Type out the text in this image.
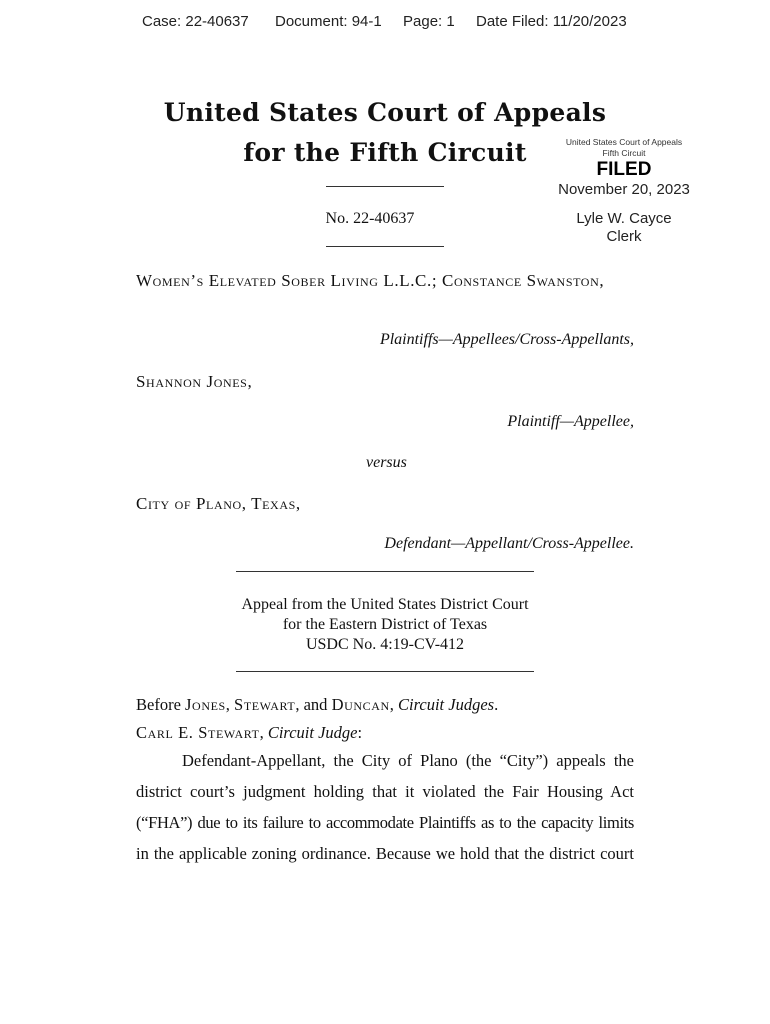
Case: 22-40637 Document: 94-1 Page: 1 Date Filed: 11/20/2023
United States Court of Appeals
for the Fifth Circuit
No. 22-40637
United States Court of Appeals
Fifth Circuit
FILED
November 20, 2023
Lyle W. Cayce
Clerk
Women’s Elevated Sober Living L.L.C.; Constance Swanston,
Plaintiffs—Appellees/Cross-Appellants,
Shannon Jones,
Plaintiff—Appellee,
versus
City of Plano, Texas,
Defendant—Appellant/Cross-Appellee.
Appeal from the United States District Court
for the Eastern District of Texas
USDC No. 4:19-CV-412
Before Jones, Stewart, and Duncan, Circuit Judges.
Carl E. Stewart, Circuit Judge:
Defendant-Appellant, the City of Plano (the “City”) appeals the
district court’s judgment holding that it violated the Fair Housing Act
(“FHA”) due to its failure to accommodate Plaintiffs as to the capacity limits
in the applicable zoning ordinance. Because we hold that the district court
